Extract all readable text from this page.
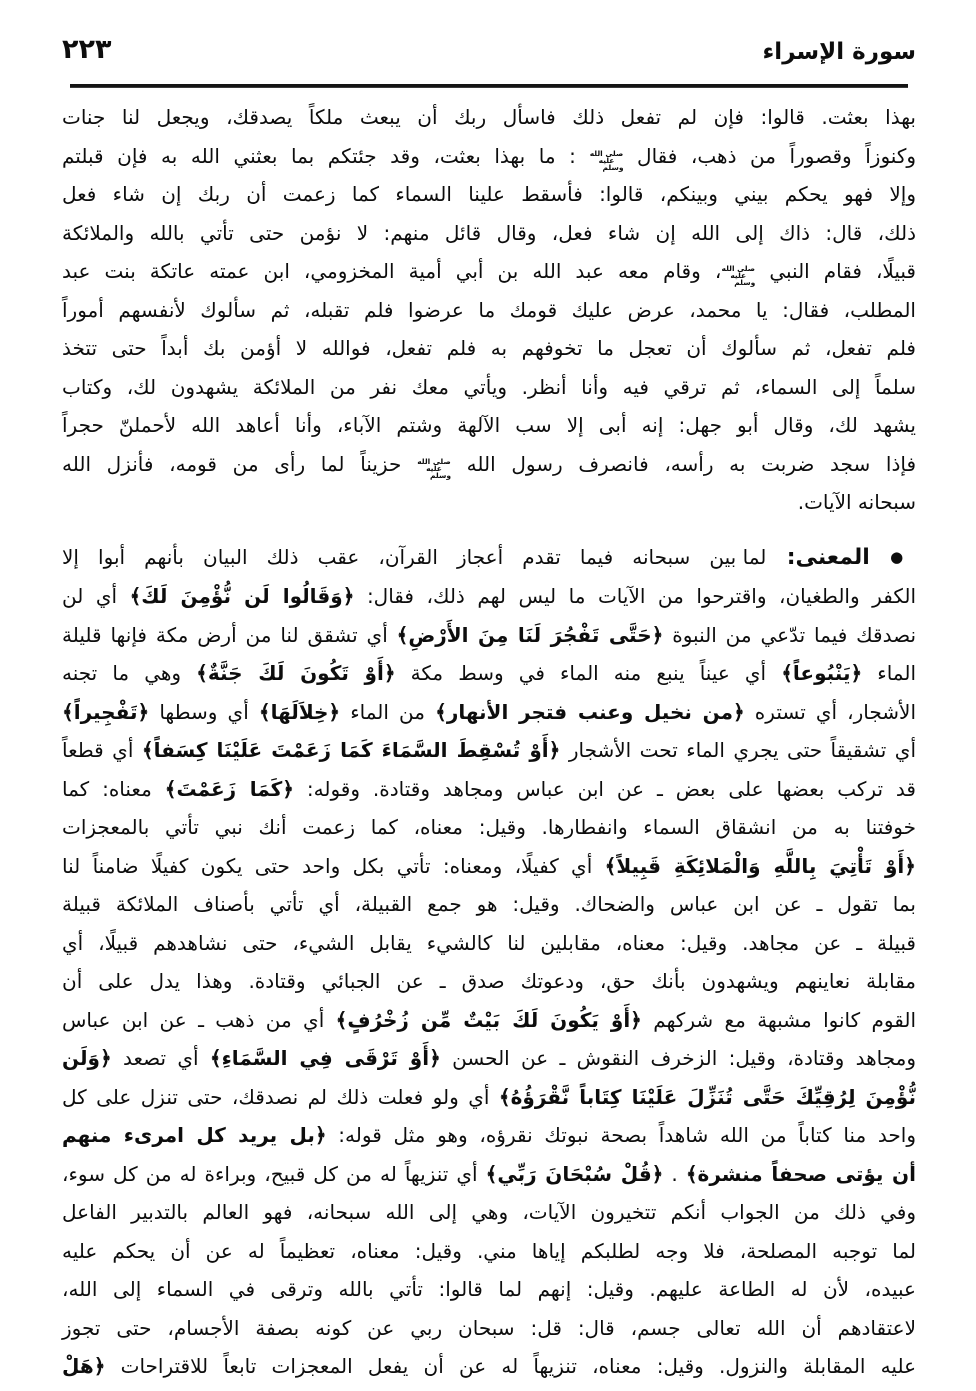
سورة الإسراء
٢٢٣
بهذا بعثت. قالوا: فإن لم تفعل ذلك فاسأل ربك أن يبعث ملكاً يصدقك، ويجعل لنا جنات
وكنوزاً وقصوراً من ذهب، فقال صلى الله عليه وسلم : ما بهذا بعثت، وقد جئتكم بما بعثني الله به فإن قبلتم
وإلا فهو يحكم بيني وبينكم، قالوا: فأسقط علينا السماء كما زعمت أن ربك إن شاء فعل
ذلك، قال: ذاك إلى الله إن شاء فعل، وقال قائل منهم: لا نؤمن حتى تأتي بالله والملائكة
قبيلًا، فقام النبي صلى الله عليه وسلم، وقام معه عبد الله بن أبي أمية المخزومي، ابن عمته عاتكة بنت عبد
المطلب، فقال: يا محمد، عرض عليك قومك ما عرضوا فلم تقبله، ثم سألوك لأنفسهم أموراً
فلم تفعل، ثم سألوك أن تعجل ما تخوفهم به فلم تفعل، فوالله لا أؤمن بك أبداً حتى تتخذ
سلماً إلى السماء، ثم ترقي فيه وأنا أنظر. ويأتي معك نفر من الملائكة يشهدون لك، وكتاب
يشهد لك، وقال أبو جهل: إنه أبى إلا سب الآلهة وشتم الآباء، وأنا أعاهد الله لأحملنّ حجراً
فإذا سجد ضربت به رأسه، فانصرف رسول الله صلى الله عليه وسلم حزيناً لما رأى من قومه، فأنزل الله
سبحانه الآيات.
● المعنى: لما بين سبحانه فيما تقدم أعجاز القرآن، عقب ذلك البيان بأنهم أبوا إلا
الكفر والطغيان، واقترحوا من الآيات ما ليس لهم ذلك، فقال: ﴿وَقَالُوا لَن نُّؤْمِنَ لَكَ﴾ أي لن
نصدقك فيما تدّعي من النبوة ﴿حَتَّى تَفْجُرَ لَنَا مِنَ الأَرْضِ﴾ أي تشقق لنا من أرض مكة فإنها قليلة
الماء ﴿يَنْبُوعاً﴾ أي عيناً ينبع منه الماء في وسط مكة ﴿أَوْ تَكُونَ لَكَ جَنَّةٌ﴾ وهي ما تجنه
الأشجار، أي تستره ﴿من نخيل وعنب فتجر الأنهار﴾ من الماء ﴿خِلاَلَهَا﴾ أي وسطها ﴿تَفْجِيراً﴾
أي تشقيقاً حتى يجري الماء تحت الأشجار ﴿أَوْ تُسْقِطَ السَّمَاءَ كَمَا زَعَمْتَ عَلَيْنَا كِسَفاً﴾ أي قطعاً
قد تركب بعضها على بعض ـ عن ابن عباس ومجاهد وقتادة. وقوله: ﴿كَمَا زَعَمْتَ﴾ معناه: كما
خوفتنا به من انشقاق السماء وانفطارها. وقيل: معناه، كما زعمت أنك نبي تأتي بالمعجزات
﴿أَوْ تَأْتِيَ بِاللَّهِ وَالْمَلائِكَةِ قَبِيلاً﴾ أي كفيلًا، ومعناه: تأتي بكل واحد حتى يكون كفيلًا ضامناً لنا
بما تقول ـ عن ابن عباس والضحاك. وقيل: هو جمع القبيلة، أي تأتي بأصناف الملائكة قبيلة
قبيلة ـ عن مجاهد. وقيل: معناه، مقابلين لنا كالشيء يقابل الشيء، حتى نشاهدهم قبيلًا، أي
مقابلة نعاينهم ويشهدون بأنك حق، ودعوتك صدق ـ عن الجبائي وقتادة. وهذا يدل على أن
القوم كانوا مشبهة مع شركهم ﴿أَوْ يَكُونَ لَكَ بَيْتٌ مِّن زُخْرُفٍ﴾ أي من ذهب ـ عن ابن عباس
ومجاهد وقتادة، وقيل: الزخرف النقوش ـ عن الحسن ﴿أَوْ تَرْقَى فِي السَّمَاءِ﴾ أي تصعد ﴿وَلَن
نُّؤْمِنَ لِرُقِيِّكَ حَتَّى تُنَزِّلَ عَلَيْنَا كِتَاباً نَّقْرَؤُهُ﴾ أي ولو فعلت ذلك لم نصدقك، حتى تنزل على كل
واحد منا كتاباً من الله شاهداً بصحة نبوتك نقرؤه، وهو مثل قوله: ﴿بل يريد كل امرىء منهم
أن يؤتى صحفاً منشرة﴾ . ﴿قُلْ سُبْحَانَ رَبِّي﴾ أي تنزيهاً له من كل قبيح، وبراءة له من كل سوء،
وفي ذلك من الجواب أنكم تتخيرون الآيات، وهي إلى الله سبحانه، فهو العالم بالتدبير الفاعل
لما توجبه المصلحة، فلا وجه لطلبكم إياها مني. وقيل: معناه، تعظيماً له عن أن يحكم عليه
عبيده، لأن له الطاعة عليهم. وقيل: إنهم لما قالوا: تأتي بالله وترقى في السماء إلى الله،
لاعتقادهم أن الله تعالى جسم، قال: قل: سبحان ربي عن كونه بصفة الأجسام، حتى تجوز
عليه المقابلة والنزول. وقيل: معناه، تنزيهاً له عن أن يفعل المعجزات تابعاً للاقتراحات ﴿هَلْ
